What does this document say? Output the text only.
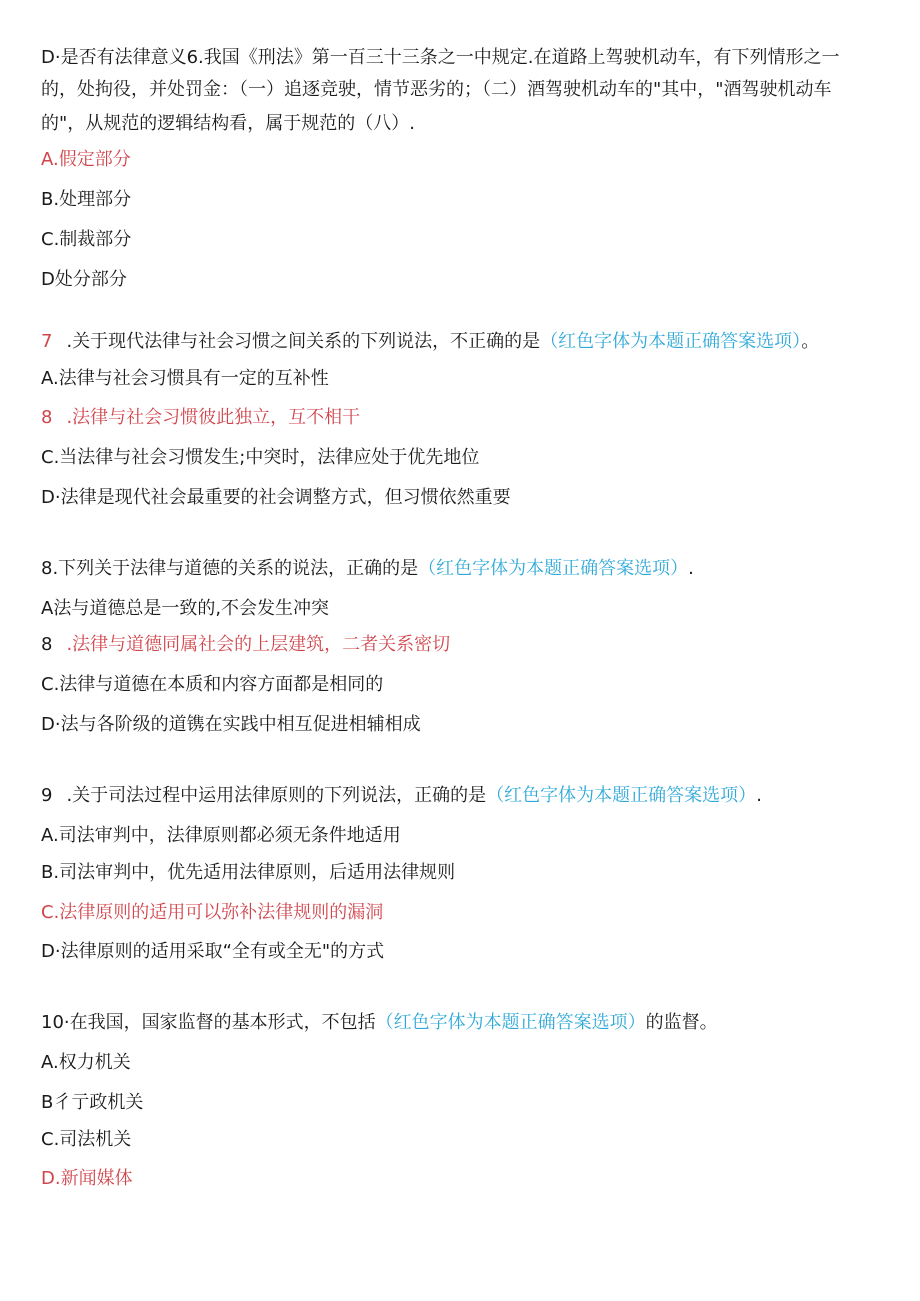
D·是否有法律意义6.我国《刑法》第一百三十三条之一中规定.在道路上驾驶机动车，有下列情形之一
的，处拘役，并处罚金：（一）追逐竞驶，情节恶劣的；（二）酒驾驶机动车的"其中，"酒驾驶机动车
的"，从规范的逻辑结构看，属于规范的（八）.
A.假定部分
B.处理部分
C.制裁部分
D处分部分
7 .关于现代法律与社会习惯之间关系的下列说法，不正确的是（红色字体为本题正确答案选项）。
A.法律与社会习惯具有一定的互补性
8 .法律与社会习惯彼此独立，互不相干
C.当法律与社会习惯发生;中突时，法律应处于优先地位
D·法律是现代社会最重要的社会调整方式，但习惯依然重要
8.下列关于法律与道德的关系的说法，正确的是（红色字体为本题正确答案选项）.
A法与道德总是一致的,不会发生冲突
8 .法律与道德同属社会的上层建筑，二者关系密切
C.法律与道德在本质和内容方面都是相同的
D·法与各阶级的道镌在实践中相互促进相辅相成
9 .关于司法过程中运用法律原则的下列说法，正确的是（红色字体为本题正确答案选项）.
A.司法审判中，法律原则都必须无条件地适用
B.司法审判中，优先适用法律原则，后适用法律规则
C.法律原则的适用可以弥补法律规则的漏洞
D·法律原则的适用采取“全有或全无"的方式
10·在我国，国家监督的基本形式，不包括（红色字体为本题正确答案选项）的监督。
A.权力机关
B彳亍政机关
C.司法机关
D.新闻媒体
